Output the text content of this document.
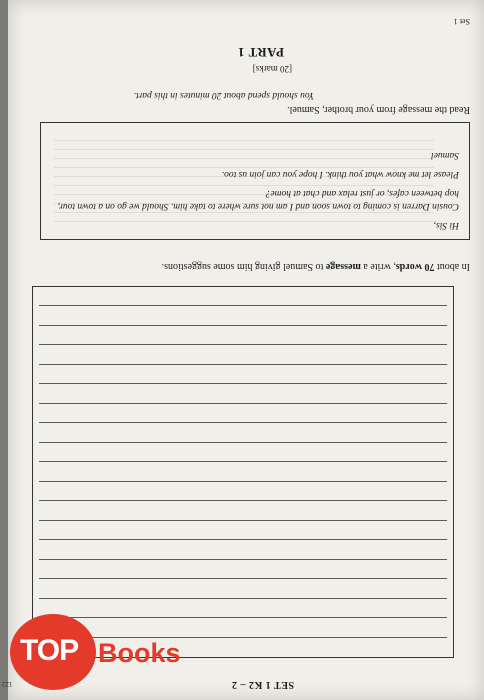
Set 1
PART 1
[20 marks]
You should spend about 20 minutes in this part.
Read the message from your brother, Samuel.

Hi Sis,

Cousin Darren is coming to town soon and I am not sure where to take him. Should we go on a town tour, hop between cafes, or just relax and chat at home?

Please let me know what you think. I hope you can join us too.

Samuel

In about 70 words, write a message to Samuel giving him some suggestions.
SET 1 K2 – 2
TOP Books
122
